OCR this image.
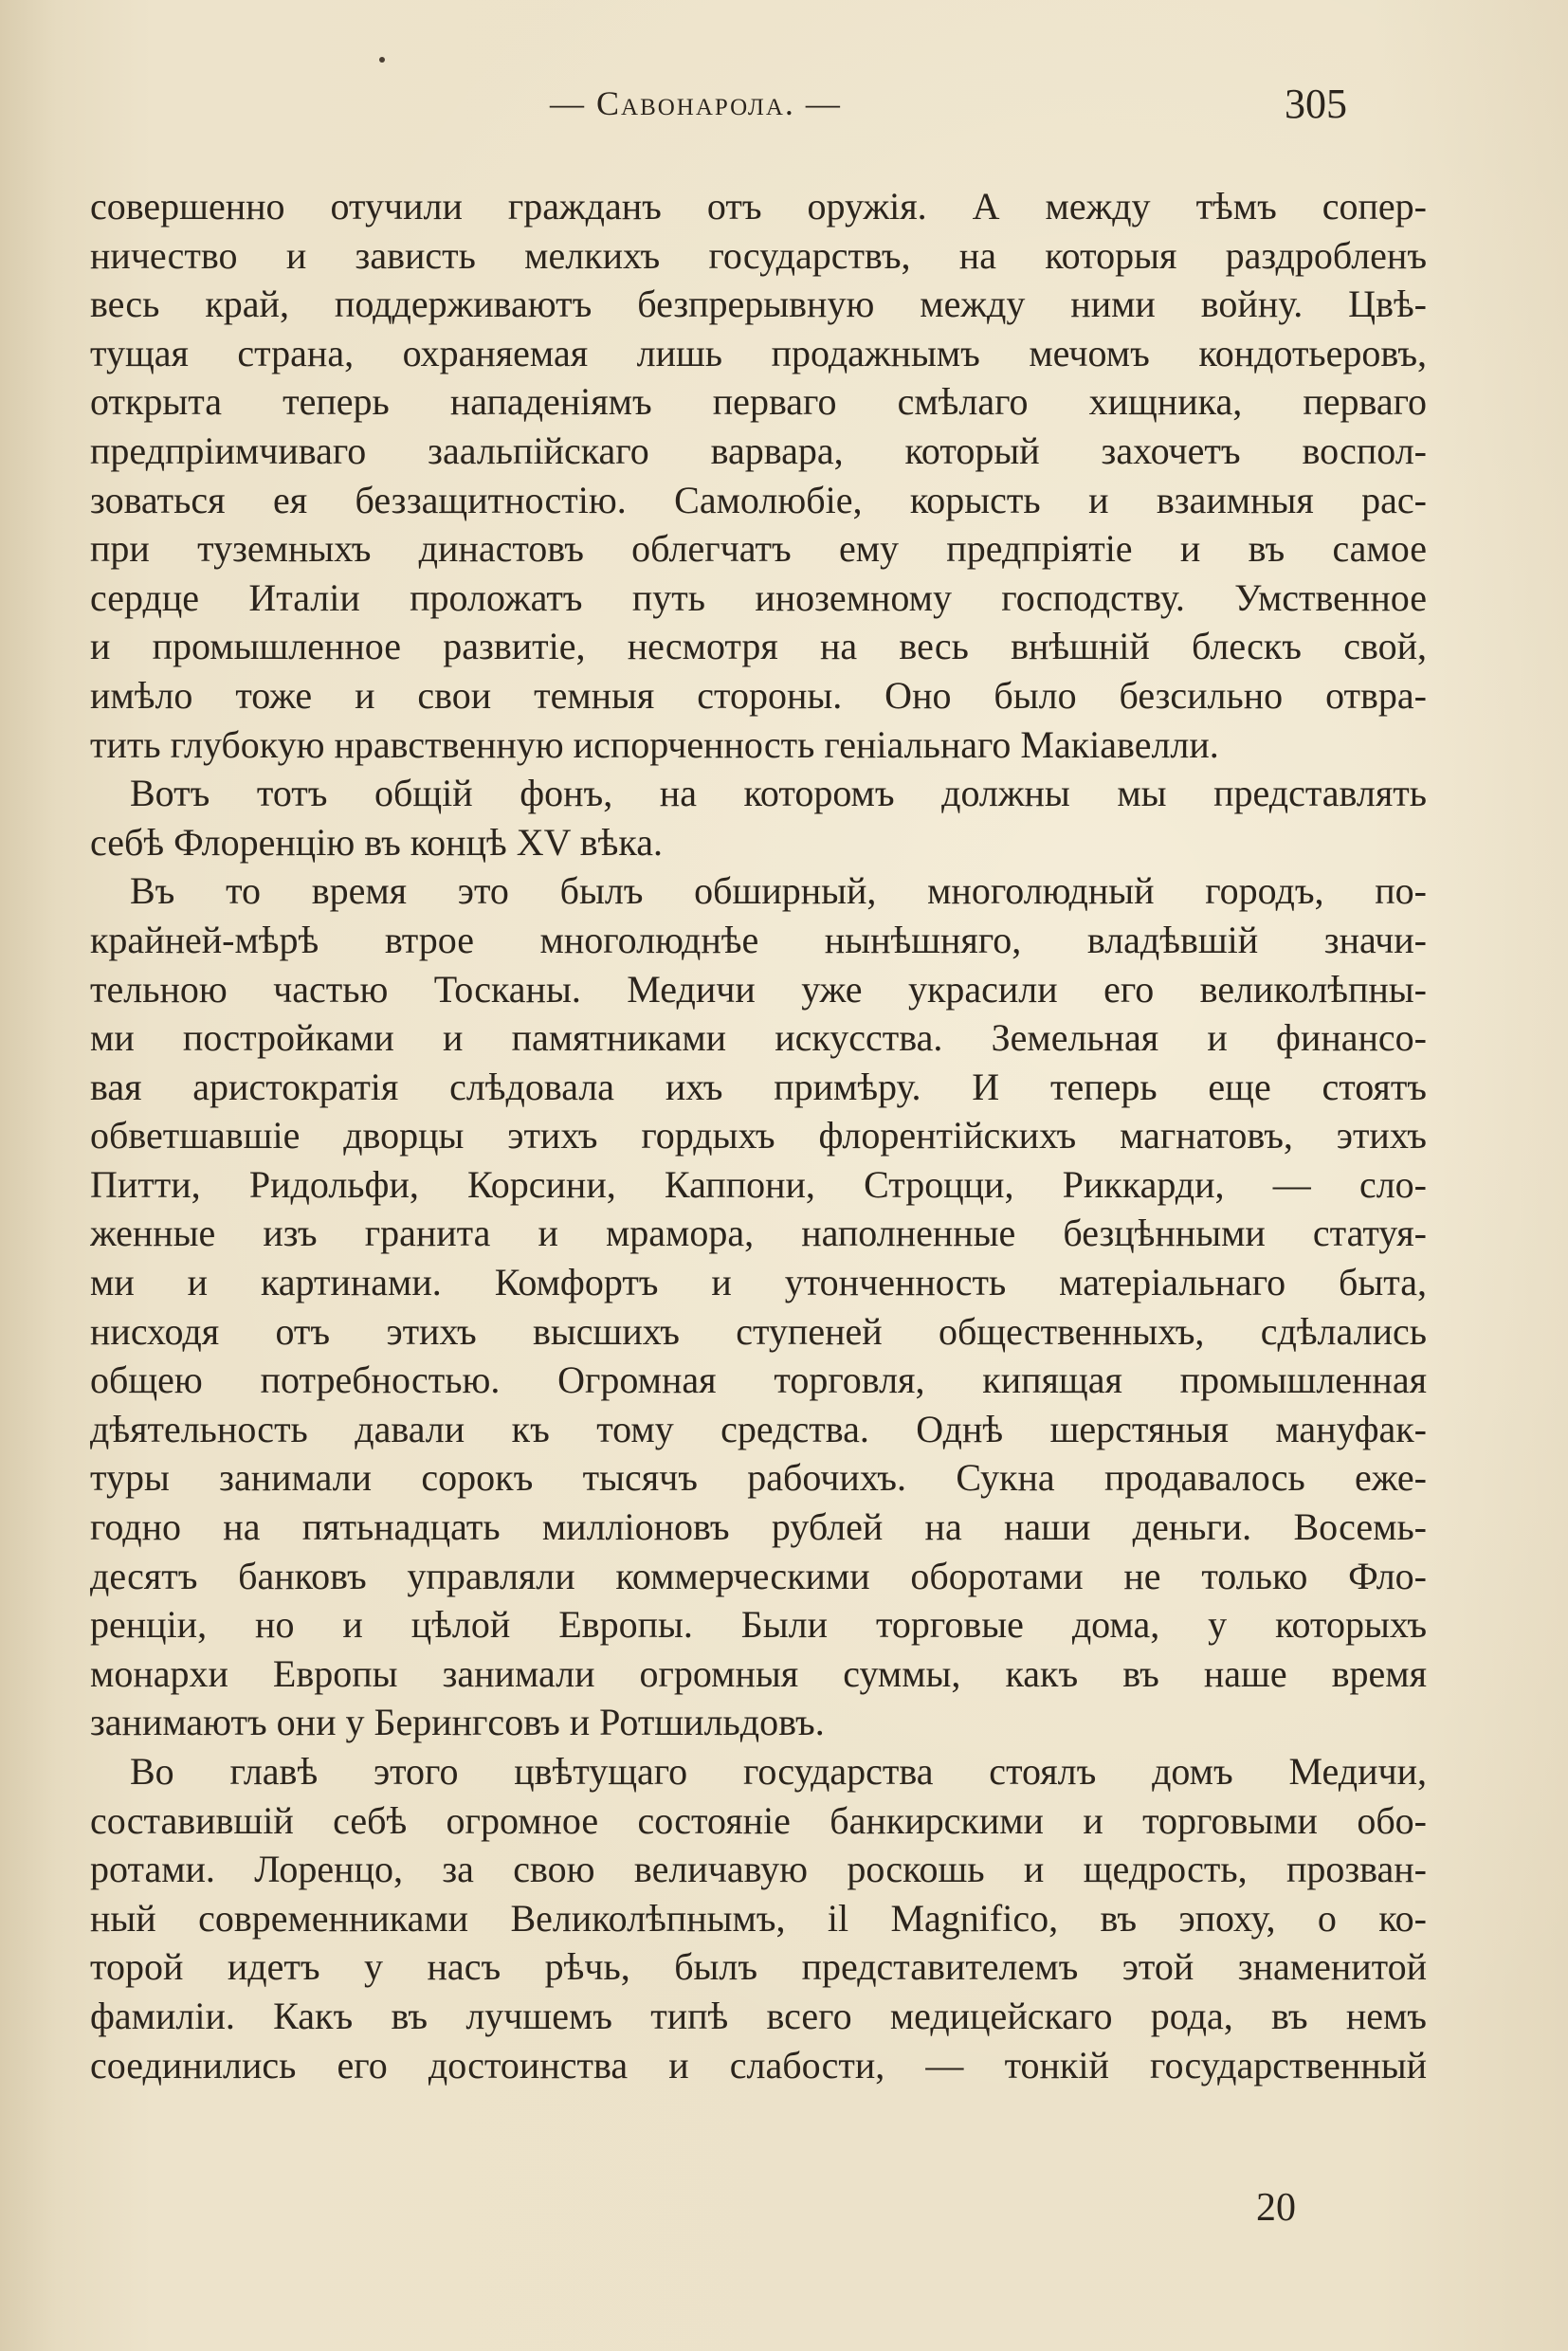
— Савонарола. —	305
совершенно отучили гражданъ отъ оружія. А между тѣмъ сопер-
ничество и зависть мелкихъ государствъ, на которыя раздробленъ
весь край, поддерживаютъ безпрерывную между ними войну. Цвѣ-
тущая страна, охраняемая лишь продажнымъ мечомъ кондотьеровъ,
открыта теперь нападеніямъ перваго смѣлаго хищника, перваго
предпріимчиваго заальпійскаго варвара, который захочетъ воспол-
зоваться ея беззащитностію. Самолюбіе, корысть и взаимныя рас-
при туземныхъ династовъ облегчатъ ему предпріятіе и въ самое
сердце Италіи проложатъ путь иноземному господству. Умственное
и промышленное развитіе, несмотря на весь внѣшній блескъ свой,
имѣло тоже и свои темныя стороны. Оно было безсильно отвра-
тить глубокую нравственную испорченность геніальнаго Макіавелли.
Вотъ тотъ общій фонъ, на которомъ должны мы представлять
себѣ Флоренцію въ концѣ XV вѣка.
Въ то время это былъ обширный, многолюдный городъ, по-
крайней-мѣрѣ втрое многолюднѣе нынѣшняго, владѣвшій значи-
тельною частью Тосканы. Медичи уже украсили его великолѣпны-
ми постройками и памятниками искусства. Земельная и финансо-
вая аристократія слѣдовала ихъ примѣру. И теперь еще стоятъ
обветшавшіе дворцы этихъ гордыхъ флорентійскихъ магнатовъ, этихъ
Питти, Ридольфи, Корсини, Каппони, Строцци, Риккарди, — сло-
женные изъ гранита и мрамора, наполненные безцѣнными статуя-
ми и картинами. Комфортъ и утонченность матеріальнаго быта,
нисходя отъ этихъ высшихъ ступеней общественныхъ, сдѣлались
общею потребностью. Огромная торговля, кипящая промышленная
дѣятельность давали къ тому средства. Однѣ шерстяныя мануфак-
туры занимали сорокъ тысячъ рабочихъ. Сукна продавалось еже-
годно на пятьнадцать милліоновъ рублей на наши деньги. Восемь-
десятъ банковъ управляли коммерческими оборотами не только Фло-
ренціи, но и цѣлой Европы. Были торговые дома, у которыхъ
монархи Европы занимали огромныя суммы, какъ въ наше время
занимаютъ они у Берингсовъ и Ротшильдовъ.
Во главѣ этого цвѣтущаго государства стоялъ домъ Медичи,
составившій себѣ огромное состояніе банкирскими и торговыми обо-
ротами. Лоренцо, за свою величавую роскошь и щедрость, прозван-
ный современниками Великолѣпнымъ, il Magnifico, въ эпоху, о ко-
торой идетъ у насъ рѣчь, былъ представителемъ этой знаменитой
фамиліи. Какъ въ лучшемъ типѣ всего медицейскаго рода, въ немъ
соединились его достоинства и слабости, — тонкій государственный
20
